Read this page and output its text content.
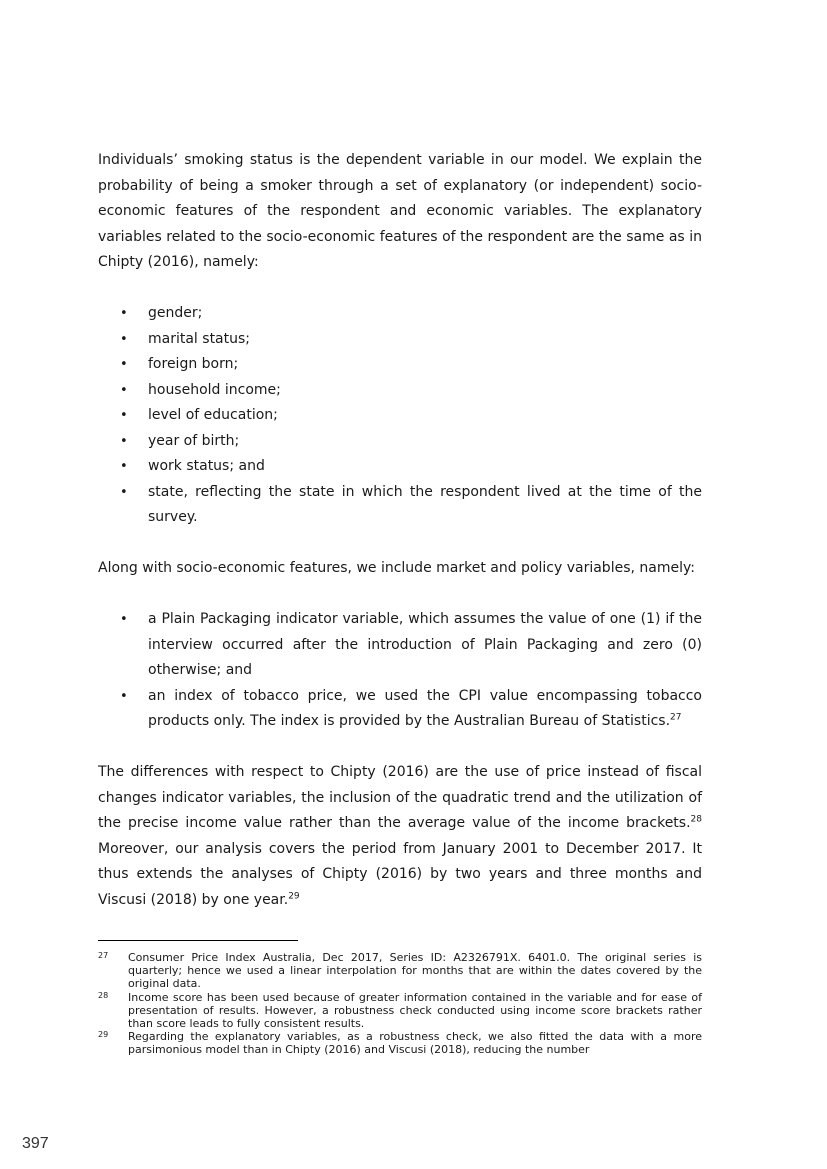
Individuals’ smoking status is the dependent variable in our model. We explain the probability of being a smoker through a set of explanatory (or independent) socio-economic features of the respondent and economic variables. The explanatory variables related to the socio-economic features of the respondent are the same as in Chipty (2016), namely:

• gender;
• marital status;
• foreign born;
• household income;
• level of education;
• year of birth;
• work status; and
• state, reflecting the state in which the respondent lived at the time of the survey.

Along with socio-economic features, we include market and policy variables, namely:

• a Plain Packaging indicator variable, which assumes the value of one (1) if the interview occurred after the introduction of Plain Packaging and zero (0) otherwise; and
• an index of tobacco price, we used the CPI value encompassing tobacco products only. The index is provided by the Australian Bureau of Statistics.$^{27}$

The differences with respect to Chipty (2016) are the use of price instead of fiscal changes indicator variables, the inclusion of the quadratic trend and the utilization of the precise income value rather than the average value of the income brackets.$^{28}$ Moreover, our analysis covers the period from January 2001 to December 2017. It thus extends the analyses of Chipty (2016) by two years and three months and Viscusi (2018) by one year.$^{29}$

27 Consumer Price Index Australia, Dec 2017, Series ID: A2326791X. 6401.0. The original series is quarterly; hence we used a linear interpolation for months that are within the dates covered by the original data.
28 Income score has been used because of greater information contained in the variable and for ease of presentation of results. However, a robustness check conducted using income score brackets rather than score leads to fully consistent results.
29 Regarding the explanatory variables, as a robustness check, we also fitted the data with a more parsimonious model than in Chipty (2016) and Viscusi (2018), reducing the number
397
